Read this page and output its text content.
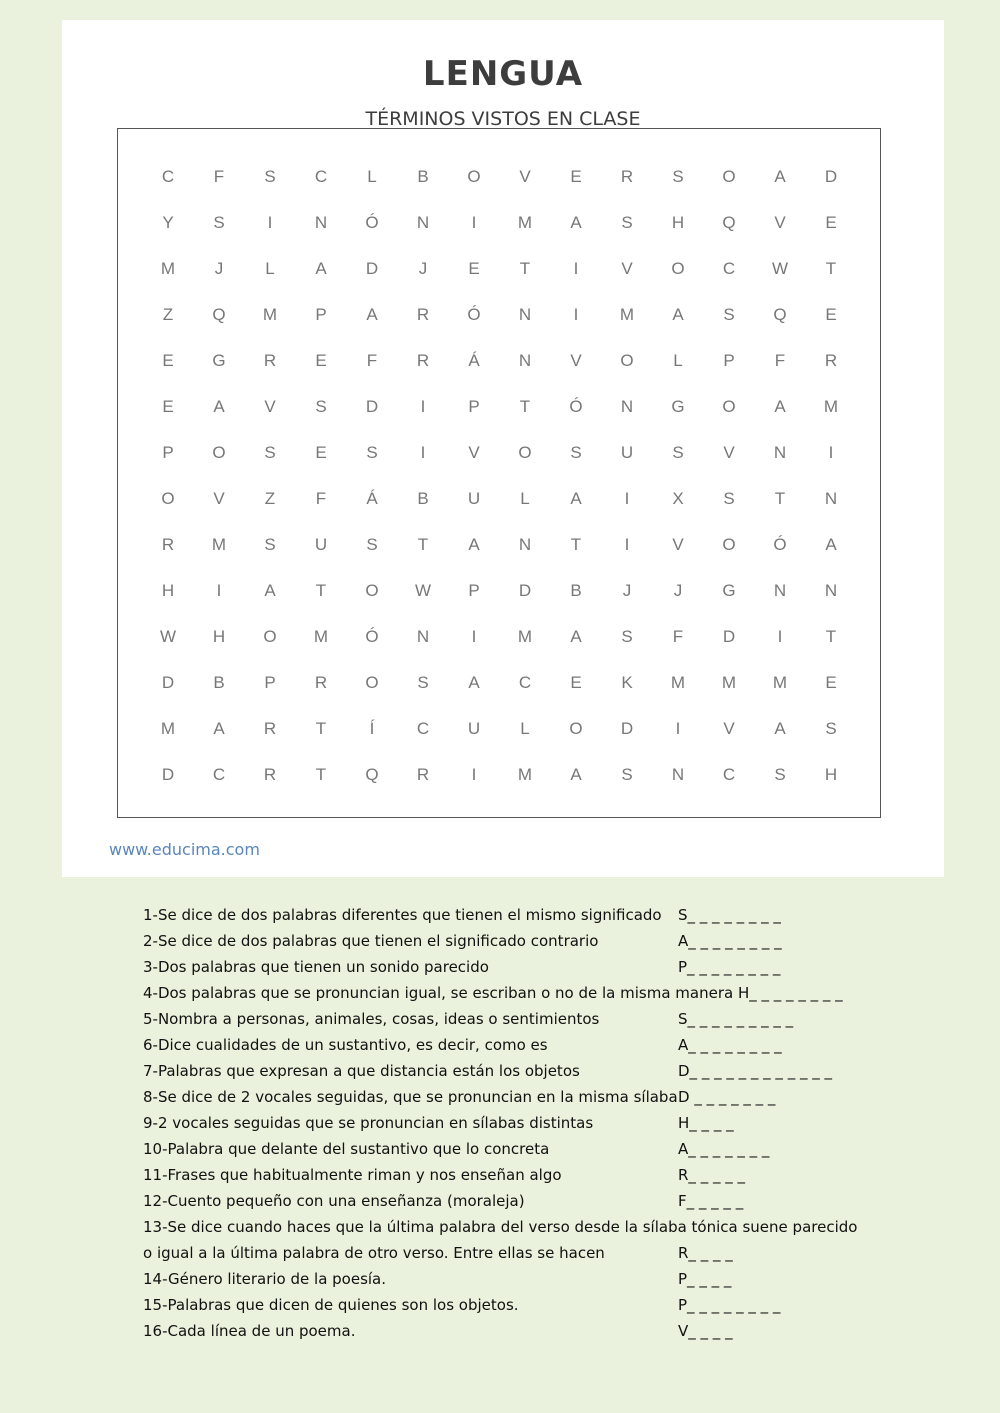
LENGUA
TÉRMINOS VISTOS EN CLASE
C	F	S	C	L	B	O	V	E	R	S	O	A	D
Y	S	I	N	Ó	N	I	M	A	S	H	Q	V	E
M	J	L	A	D	J	E	T	I	V	O	C	W	T
Z	Q	M	P	A	R	Ó	N	I	M	A	S	Q	E
E	G	R	E	F	R	Á	N	V	O	L	P	F	R
E	A	V	S	D	I	P	T	Ó	N	G	O	A	M
P	O	S	E	S	I	V	O	S	U	S	V	N	I
O	V	Z	F	Á	B	U	L	A	I	X	S	T	N
R	M	S	U	S	T	A	N	T	I	V	O	Ó	A
H	I	A	T	O	W	P	D	B	J	J	G	N	N
W	H	O	M	Ó	N	I	M	A	S	F	D	I	T
D	B	P	R	O	S	A	C	E	K	M	M	M	E
M	A	R	T	Í	C	U	L	O	D	I	V	A	S
D	C	R	T	Q	R	I	M	A	S	N	C	S	H
www.educima.com
1-Se dice de dos palabras diferentes que tienen el mismo significado S_ _ _ _ _ _ _ _
2-Se dice de dos palabras que tienen el significado contrario	A_ _ _ _ _ _ _ _
3-Dos palabras que tienen un sonido parecido	P_ _ _ _ _ _ _ _
4-Dos palabras que se pronuncian igual, se escriban o no de la misma manera H_ _ _ _ _ _ _ _
5-Nombra a personas, animales, cosas, ideas o sentimientos	S_ _ _ _ _ _ _ _ _
6-Dice cualidades de un sustantivo, es decir, como es	A_ _ _ _ _ _ _ _
7-Palabras que expresan a que distancia están los objetos	D_ _ _ _ _ _ _ _ _ _ _ _
8-Se dice de 2 vocales seguidas, que se pronuncian en la misma sílaba D _ _ _ _ _ _ _
9-2 vocales seguidas que se pronuncian en sílabas distintas	H_ _ _ _
10-Palabra que delante del sustantivo que lo concreta	A_ _ _ _ _ _ _
11-Frases que habitualmente riman y nos enseñan algo	R_ _ _ _ _
12-Cuento pequeño con una enseñanza (moraleja)	F_ _ _ _ _
13-Se dice cuando haces que la última palabra del verso desde la sílaba tónica suene parecido
o igual a la última palabra de otro verso. Entre ellas se hacen	R_ _ _ _
14-Género literario de la poesía.	P_ _ _ _
15-Palabras que dicen de quienes son los objetos.	P_ _ _ _ _ _ _ _
16-Cada línea de un poema.	V_ _ _ _
